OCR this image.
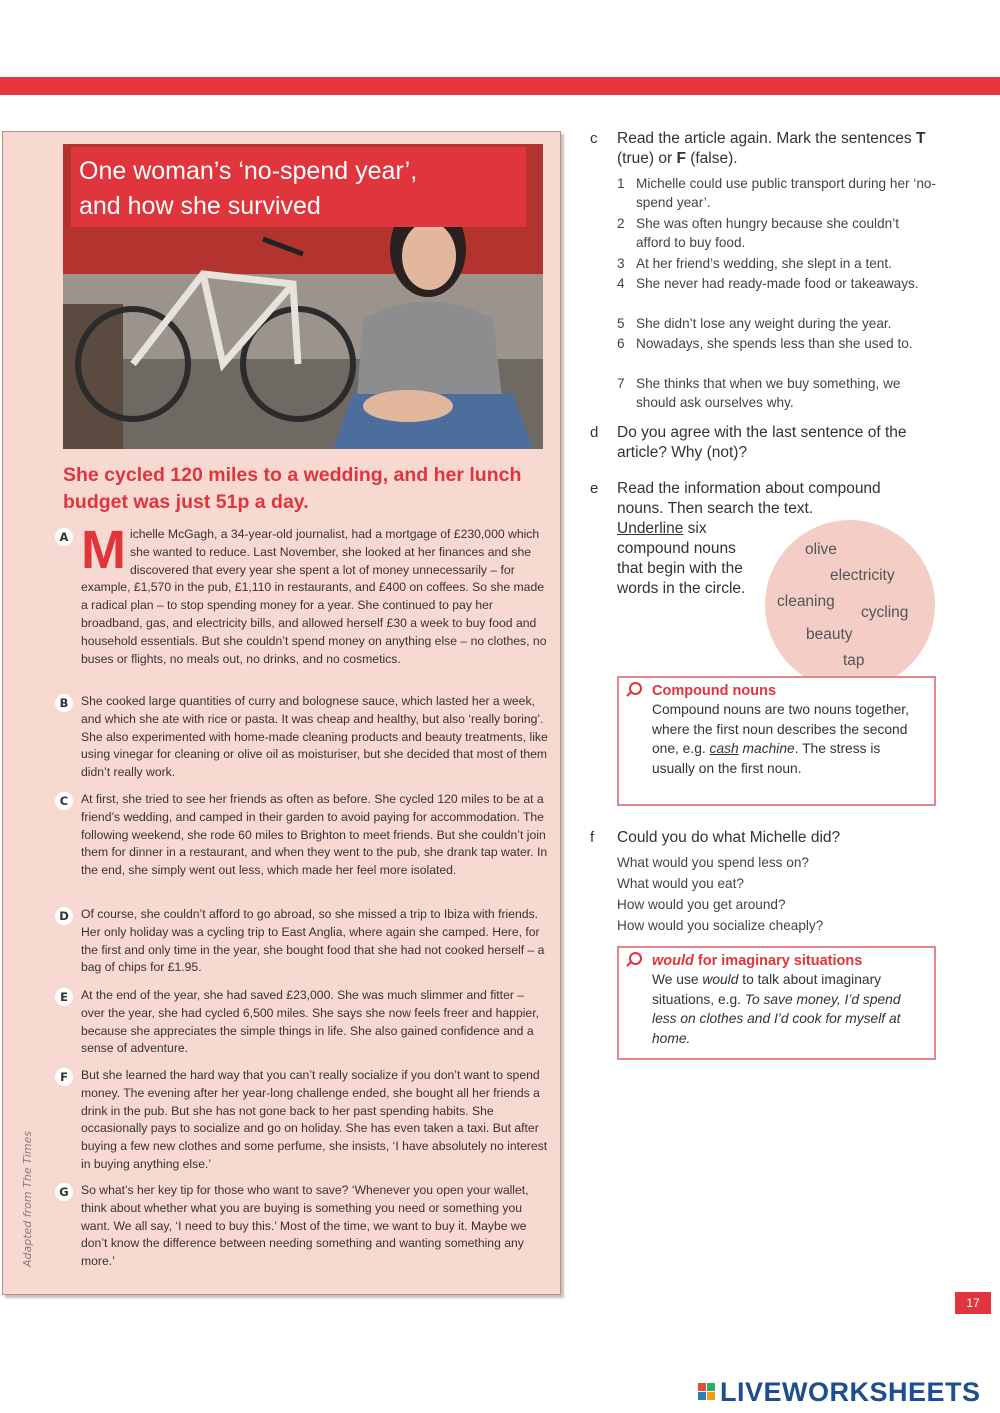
One woman’s ‘no-spend year’,
and how she survived
She cycled 120 miles to a wedding, and her lunch budget was just 51p a day.
A Michelle McGagh, a 34-year-old journalist, had a mortgage of £230,000 which she wanted to reduce. Last November, she looked at her finances and she discovered that every year she spent a lot of money unnecessarily – for example, £1,570 in the pub, £1,110 in restaurants, and £400 on coffees. So she made a radical plan – to stop spending money for a year. She continued to pay her broadband, gas, and electricity bills, and allowed herself £30 a week to buy food and household essentials. But she couldn’t spend money on anything else – no clothes, no buses or flights, no meals out, no drinks, and no cosmetics.
B	She cooked large quantities of curry and bolognese sauce, which lasted her a week, and which she ate with rice or pasta. It was cheap and healthy, but also ‘really boring’. She also experimented with home-made cleaning products and beauty treatments, like using vinegar for cleaning or olive oil as moisturiser, but she decided that most of them didn’t really work.
C	At first, she tried to see her friends as often as before. She cycled 120 miles to be at a friend’s wedding, and camped in their garden to avoid paying for accommodation. The following weekend, she rode 60 miles to Brighton to meet friends. But she couldn’t join them for dinner in a restaurant, and when they went to the pub, she drank tap water. In the end, she simply went out less, which made her feel more isolated.
D	Of course, she couldn’t afford to go abroad, so she missed a trip to Ibiza with friends. Her only holiday was a cycling trip to East Anglia, where again she camped. Here, for the first and only time in the year, she bought food that she had not cooked herself – a bag of chips for £1.95.
E	At the end of the year, she had saved £23,000. She was much slimmer and fitter – over the year, she had cycled 6,500 miles. She says she now feels freer and happier, because she appreciates the simple things in life. She also gained confidence and a sense of adventure.
F	But she learned the hard way that you can’t really socialize if you don’t want to spend money. The evening after her year-long challenge ended, she bought all her friends a drink in the pub. But she has not gone back to her past spending habits. She occasionally pays to socialize and go on holiday. She has even taken a taxi. But after buying a few new clothes and some perfume, she insists, ‘I have absolutely no interest in buying anything else.’
G	So what’s her key tip for those who want to save? ‘Whenever you open your wallet, think about whether what you are buying is something you need or something you want. We all say, ‘I need to buy this.’ Most of the time, we want to buy it. Maybe we don’t know the difference between needing something and wanting something any more.’
Adapted from The Times
c Read the article again. Mark the sentences T (true) or F (false).
1 Michelle could use public transport during her ‘no-spend year’.
2 She was often hungry because she couldn’t afford to buy food.
3 At her friend’s wedding, she slept in a tent.
4 She never had ready-made food or takeaways.
5 She didn’t lose any weight during the year.
6 Nowadays, she spends less than she used to.
7 She thinks that when we buy something, we should ask ourselves why.
d Do you agree with the last sentence of the article? Why (not)?
e Read the information about compound nouns. Then search the text.
Underline six compound nouns that begin with the words in the circle.
olive
electricity
cleaning
cycling
beauty
tap
Compound nouns
Compound nouns are two nouns together, where the first noun describes the second one, e.g. cash machine. The stress is usually on the first noun.
f Could you do what Michelle did?
What would you spend less on?
What would you eat?
How would you get around?
How would you socialize cheaply?
would for imaginary situations
We use would to talk about imaginary situations, e.g. To save money, I’d spend less on clothes and I’d cook for myself at home.
17
LIVEWORKSHEETS
